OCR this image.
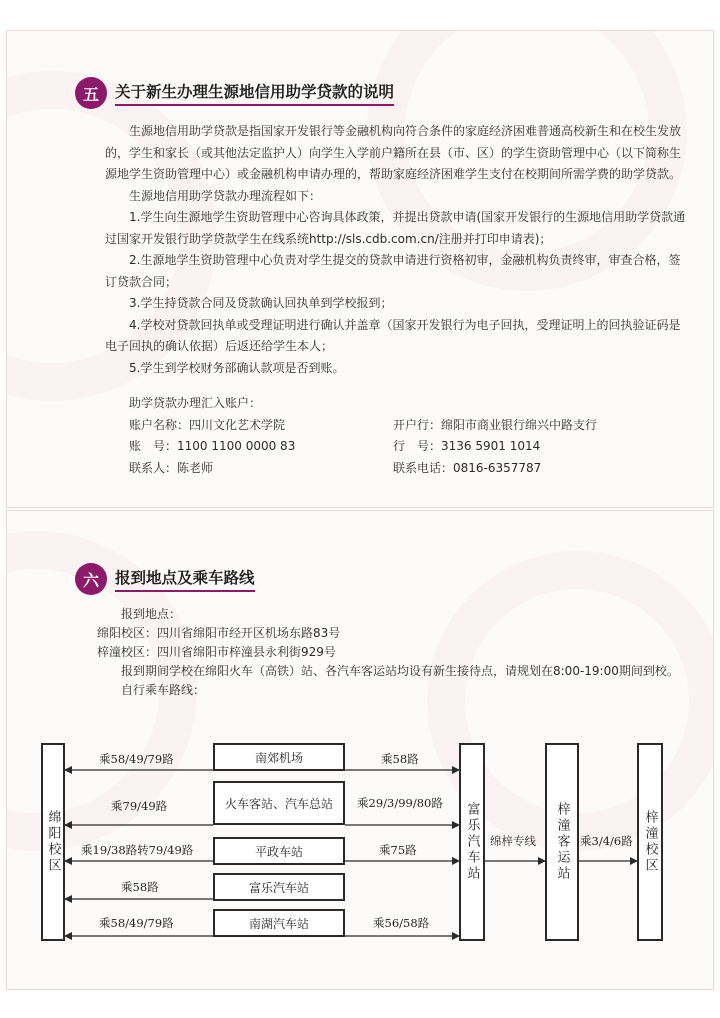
五	关于新生办理生源地信用助学贷款的说明

生源地信用助学贷款是指国家开发银行等金融机构向符合条件的家庭经济困难普通高校新生和在校生发放的，学生和家长（或其他法定监护人）向学生入学前户籍所在县（市、区）的学生资助管理中心（以下简称生源地学生资助管理中心）或金融机构申请办理的，帮助家庭经济困难学生支付在校期间所需学费的助学贷款。

生源地信用助学贷款办理流程如下：

1.学生向生源地学生资助管理中心咨询具体政策，并提出贷款申请(国家开发银行的生源地信用助学贷款通过国家开发银行助学贷款学生在线系统http://sls.cdb.com.cn/注册并打印申请表)；

2.生源地学生资助管理中心负责对学生提交的贷款申请进行资格初审，金融机构负责终审，审查合格，签订贷款合同；

3.学生持贷款合同及贷款确认回执单到学校报到；

4.学校对贷款回执单或受理证明进行确认并盖章（国家开发银行为电子回执，受理证明上的回执验证码是电子回执的确认依据）后返还给学生本人；

5.学生到学校财务部确认款项是否到账。

助学贷款办理汇入账户：
账户名称：四川文化艺术学院	开户行：绵阳市商业银行绵兴中路支行
账　号：1100 1100 0000 83	行　号：3136 5901 1014
联系人：陈老师	联系电话：0816-6357787
六	报到地点及乘车路线

报到地点：

绵阳校区：四川省绵阳市经开区机场东路83号

梓潼校区：四川省绵阳市梓潼县永利街929号

报到期间学校在绵阳火车（高铁）站、各汽车客运站均设有新生接待点，请规划在8:00-19:00期间到校。

自行乘车路线：

绵阳校区
南郊机场
火车客站、汽车总站
平政车站
富乐汽车站
南湖汽车站
富乐汽车站	梓潼客运站	梓潼校区
乘58/49/79路
乘79/49路
乘19/38路转79/49路
乘58路
乘58/49/79路
乘58路
乘29/3/99/80路
乘75路
乘56/58路
绵梓专线	乘3/4/6路
